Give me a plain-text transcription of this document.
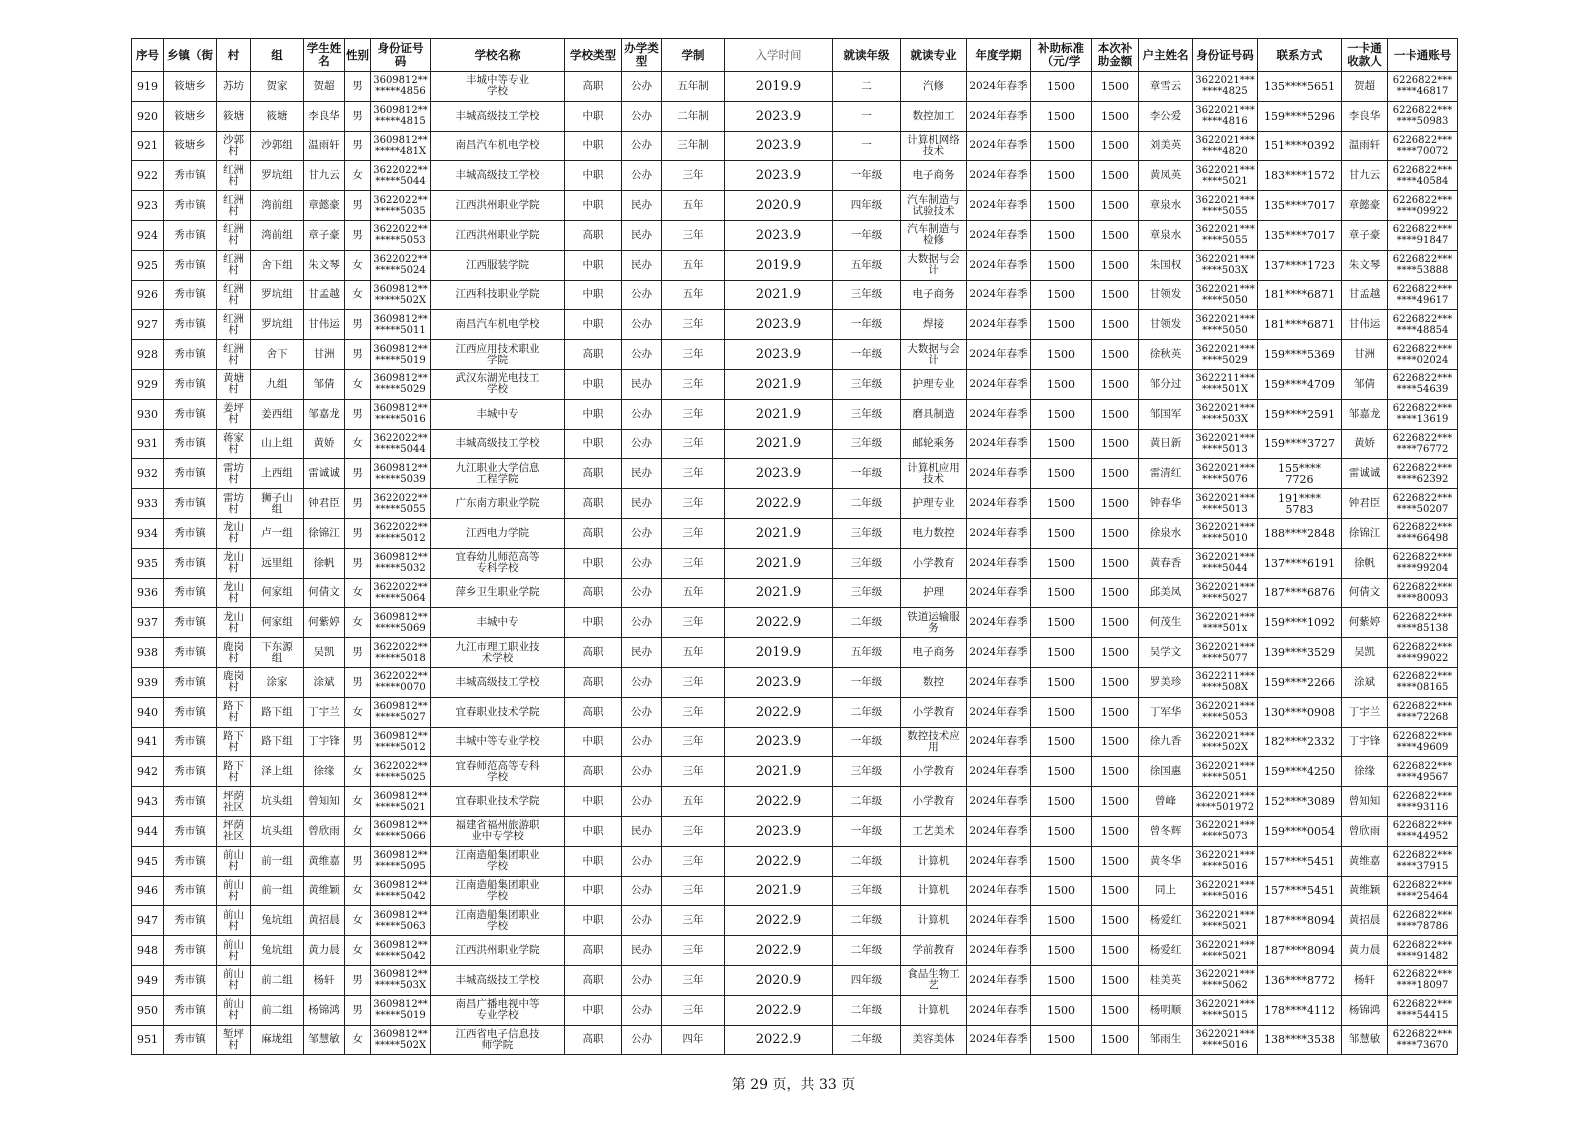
序号	乡镇（街	村	组	学生姓名	性别	身份证号码	学校名称	学校类型	办学类型	学制	入学时间	就读年级	就读专业	年度学期	补助标准（元/学	本次补助金额	户主姓名	身份证号码	联系方式	一卡通收款人	一卡通账号
919	筱塘乡	苏坊	贺家	贺超	男	3609812**
*****4856	丰城中等专业
学校	高职	公办	五年制	2019.9	二	汽修	2024年春季	1500	1500	章雪云	3622021***
****4825	135****5651	贺超	6226822***
****46817
920	筱塘乡	筱塘	筱塘	李良华	男	3609812**
*****4815	丰城高级技工学校	中职	公办	二年制	2023.9	一	数控加工	2024年春季	1500	1500	李公爱	3622021***
****4816	159****5296	李良华	6226822***
****50983
921	筱塘乡	沙郭
村	沙郭组	温雨轩	男	3609812**
*****481X	南昌汽车机电学校	中职	公办	三年制	2023.9	一	计算机网络
技术	2024年春季	1500	1500	刘美英	3622021***
****4820	151****0392	温雨轩	6226822***
****70072
922	秀市镇	红洲
村	罗坑组	甘九云	女	3622022**
*****5044	丰城高级技工学校	中职	公办	三年	2023.9	一年级	电子商务	2024年春季	1500	1500	黄凤英	3622021***
****5021	183****1572	甘九云	6226822***
****40584
923	秀市镇	红洲
村	湾前组	章懿豪	男	3622022**
*****5035	江西洪州职业学院	中职	民办	五年	2020.9	四年级	汽车制造与
试验技术	2024年春季	1500	1500	章泉水	3622021***
****5055	135****7017	章懿豪	6226822***
****09922
924	秀市镇	红洲
村	湾前组	章子豪	男	3622022**
*****5053	江西洪州职业学院	高职	民办	三年	2023.9	一年级	汽车制造与
检修	2024年春季	1500	1500	章泉水	3622021***
****5055	135****7017	章子豪	6226822***
****91847
925	秀市镇	红洲
村	舍下组	朱文琴	女	3622022**
*****5024	江西服装学院	中职	民办	五年	2019.9	五年级	大数据与会
计	2024年春季	1500	1500	朱国权	3622021***
****503X	137****1723	朱文琴	6226822***
****53888
926	秀市镇	红洲
村	罗坑组	甘孟越	女	3609812**
*****502X	江西科技职业学院	中职	公办	五年	2021.9	三年级	电子商务	2024年春季	1500	1500	甘领发	3622021***
****5050	181****6871	甘孟越	6226822***
****49617
927	秀市镇	红洲
村	罗坑组	甘伟运	男	3609812**
*****5011	南昌汽车机电学校	中职	公办	三年	2023.9	一年级	焊接	2024年春季	1500	1500	甘领发	3622021***
****5050	181****6871	甘伟运	6226822***
****48854
928	秀市镇	红洲
村	舍下	甘洲	男	3609812**
*****5019	江西应用技术职业
学院	高职	公办	三年	2023.9	一年级	大数据与会
计	2024年春季	1500	1500	徐秋英	3622021***
****5029	159****5369	甘洲	6226822***
****02024
929	秀市镇	黄塘
村	九组	邹倩	女	3609812**
*****5029	武汉东湖光电技工
学校	中职	民办	三年	2021.9	三年级	护理专业	2024年春季	1500	1500	邹分过	3622211***
****501X	159****4709	邹倩	6226822***
****54639
930	秀市镇	姜坪
村	姜西组	邹嘉龙	男	3609812**
*****5016	丰城中专	中职	公办	三年	2021.9	三年级	磨具制造	2024年春季	1500	1500	邹国军	3622021***
****503X	159****2591	邹嘉龙	6226822***
****13619
931	秀市镇	蒋家
村	山上组	黄娇	女	3622022**
*****5044	丰城高级技工学校	中职	公办	三年	2021.9	三年级	邮轮乘务	2024年春季	1500	1500	黄日新	3622021***
****5013	159****3727	黄娇	6226822***
****76772
932	秀市镇	雷坊
村	上西组	雷诚诚	男	3609812**
*****5039	九江职业大学信息
工程学院	高职	民办	三年	2023.9	一年级	计算机应用
技术	2024年春季	1500	1500	雷清红	3622021***
****5076	155****
7726	雷诚诚	6226822***
****62392
933	秀市镇	雷坊
村	狮子山
组	钟君臣	男	3622022**
*****5055	广东南方职业学院	高职	民办	三年	2022.9	二年级	护理专业	2024年春季	1500	1500	钟春华	3622021***
****5013	191****
5783	钟君臣	6226822***
****50207
934	秀市镇	龙山
村	卢一组	徐锦江	男	3622022**
*****5012	江西电力学院	高职	公办	三年	2021.9	三年级	电力数控	2024年春季	1500	1500	徐泉水	3622021***
****5010	188****2848	徐锦江	6226822***
****66498
935	秀市镇	龙山
村	远里组	徐帆	男	3609812**
*****5032	宜春幼儿师范高等
专科学校	中职	公办	三年	2021.9	三年级	小学教育	2024年春季	1500	1500	黄春香	3622021***
****5044	137****6191	徐帆	6226822***
****99204
936	秀市镇	龙山
村	何家组	何倩文	女	3622022**
*****5064	萍乡卫生职业学院	高职	公办	五年	2021.9	三年级	护理	2024年春季	1500	1500	邱美凤	3622021***
****5027	187****6876	何倩文	6226822***
****80093
937	秀市镇	龙山
村	何家组	何紫婷	女	3609812**
*****5069	丰城中专	中职	公办	三年	2022.9	二年级	铁道运输服
务	2024年春季	1500	1500	何茂生	3622021***
****501x	159****1092	何紫婷	6226822***
****85138
938	秀市镇	鹿岗
村	下东源
组	吴凯	男	3622022**
*****5018	九江市理工职业技
术学校	高职	民办	五年	2019.9	五年级	电子商务	2024年春季	1500	1500	吴学文	3622021***
****5077	139****3529	吴凯	6226822***
****99022
939	秀市镇	鹿岗
村	涂家	涂斌	男	3622022**
*****0070	丰城高级技工学校	高职	公办	三年	2023.9	一年级	数控	2024年春季	1500	1500	罗美珍	3622211***
****508X	159****2266	涂斌	6226822***
****08165
940	秀市镇	路下
村	路下组	丁宇兰	女	3609812**
*****5027	宜春职业技术学院	高职	公办	三年	2022.9	二年级	小学教育	2024年春季	1500	1500	丁军华	3622021***
****5053	130****0908	丁宇兰	6226822***
****72268
941	秀市镇	路下
村	路下组	丁宇锋	男	3609812**
*****5012	丰城中等专业学校	中职	公办	三年	2023.9	一年级	数控技术应
用	2024年春季	1500	1500	徐九香	3622021***
****502X	182****2332	丁宇锋	6226822***
****49609
942	秀市镇	路下
村	泽上组	徐缘	女	3622022**
*****5025	宜春师范高等专科
学校	高职	公办	三年	2021.9	三年级	小学教育	2024年春季	1500	1500	徐国惠	3622021***
****5051	159****4250	徐缘	6226822***
****49567
943	秀市镇	坪荫
社区	坑头组	曾知知	女	3609812**
*****5021	宜春职业技术学院	中职	公办	五年	2022.9	二年级	小学教育	2024年春季	1500	1500	曾峰	3622021***
****501972	152****3089	曾知知	6226822***
****93116
944	秀市镇	坪荫
社区	坑头组	曾欣雨	女	3609812**
*****5066	福建省福州旅游职
业中专学校	中职	民办	三年	2023.9	一年级	工艺美术	2024年春季	1500	1500	曾冬辉	3622021***
****5073	159****0054	曾欣雨	6226822***
****44952
945	秀市镇	前山
村	前一组	黄维嘉	男	3609812**
*****5095	江南造船集团职业
学校	中职	公办	三年	2022.9	二年级	计算机	2024年春季	1500	1500	黄冬华	3622021***
****5016	157****5451	黄维嘉	6226822***
****37915
946	秀市镇	前山
村	前一组	黄维颖	女	3609812**
*****5042	江南造船集团职业
学校	中职	公办	三年	2021.9	三年级	计算机	2024年春季	1500	1500	同上	3622021***
****5016	157****5451	黄维颖	6226822***
****25464
947	秀市镇	前山
村	兔坑组	黄招晨	女	3609812**
*****5063	江南造船集团职业
学校	中职	公办	三年	2022.9	二年级	计算机	2024年春季	1500	1500	杨爱红	3622021***
****5021	187****8094	黄招晨	6226822***
****78786
948	秀市镇	前山
村	兔坑组	黄力晨	女	3609812**
*****5042	江西洪州职业学院	高职	民办	三年	2022.9	二年级	学前教育	2024年春季	1500	1500	杨爱红	3622021***
****5021	187****8094	黄力晨	6226822***
****91482
949	秀市镇	前山
村	前二组	杨轩	男	3609812**
*****503X	丰城高级技工学校	高职	公办	三年	2020.9	四年级	食品生物工
艺	2024年春季	1500	1500	桂美英	3622021***
****5062	136****8772	杨轩	6226822***
****18097
950	秀市镇	前山
村	前二组	杨锦鸿	男	3609812**
*****5019	南昌广播电视中等
专业学校	中职	公办	三年	2022.9	二年级	计算机	2024年春季	1500	1500	杨明顺	3622021***
****5015	178****4112	杨锦鸿	6226822***
****54415
951	秀市镇	堑坪
村	麻垅组	邹慧敏	女	3609812**
*****502X	江西省电子信息技
师学院	高职	公办	四年	2022.9	二年级	美容美体	2024年春季	1500	1500	邹雨生	3622021***
****5016	138****3538	邹慧敏	6226822***
****73670
第 29 页，共 33 页
